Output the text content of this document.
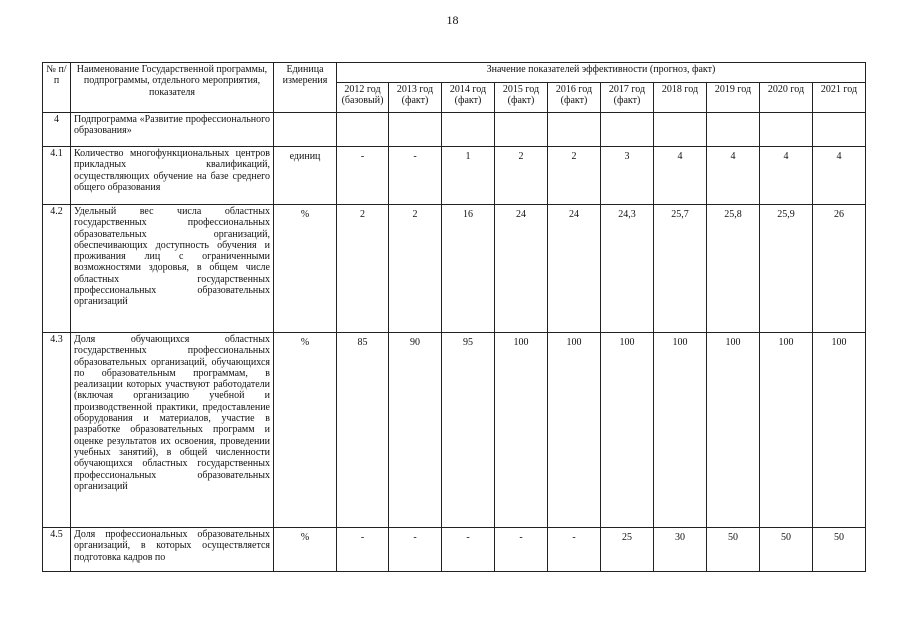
18
№ п/п	Наименование Государственной программы, подпрограммы, отдельного мероприятия, показателя	Единица измерения	Значение показателей эффективности (прогноз, факт)									
			2012 год (базовый)	2013 год (факт)	2014 год (факт)	2015 год (факт)	2016 год (факт)	2017 год (факт)	2018 год	2019 год	2020 год	2021 год
4	Подпрограмма «Развитие профессионального образования»											
4.1	Количество многофункциональных центров прикладных квалификаций, осуществляющих обучение на базе среднего общего образования	единиц	-	-	1	2	2	3	4	4	4	4
4.2	Удельный вес числа областных государственных профессиональных образовательных организаций, обеспечивающих доступность обучения и проживания лиц с ограниченными возможностями здоровья, в общем числе областных государственных профессиональных образовательных организаций	%	2	2	16	24	24	24,3	25,7	25,8	25,9	26
4.3	Доля обучающихся областных государственных профессиональных образовательных организаций, обучающихся по образовательным программам, в реализации которых участвуют работодатели (включая организацию учебной и производственной практики, предоставление оборудования и материалов, участие в разработке образовательных программ и оценке результатов их освоения, проведении учебных занятий), в общей численности обучающихся областных государственных профессиональных образовательных организаций	%	85	90	95	100	100	100	100	100	100	100
4.5	Доля профессиональных образовательных организаций, в которых осуществляется подготовка кадров по	%	-	-	-	-	-	25	30	50	50	50
